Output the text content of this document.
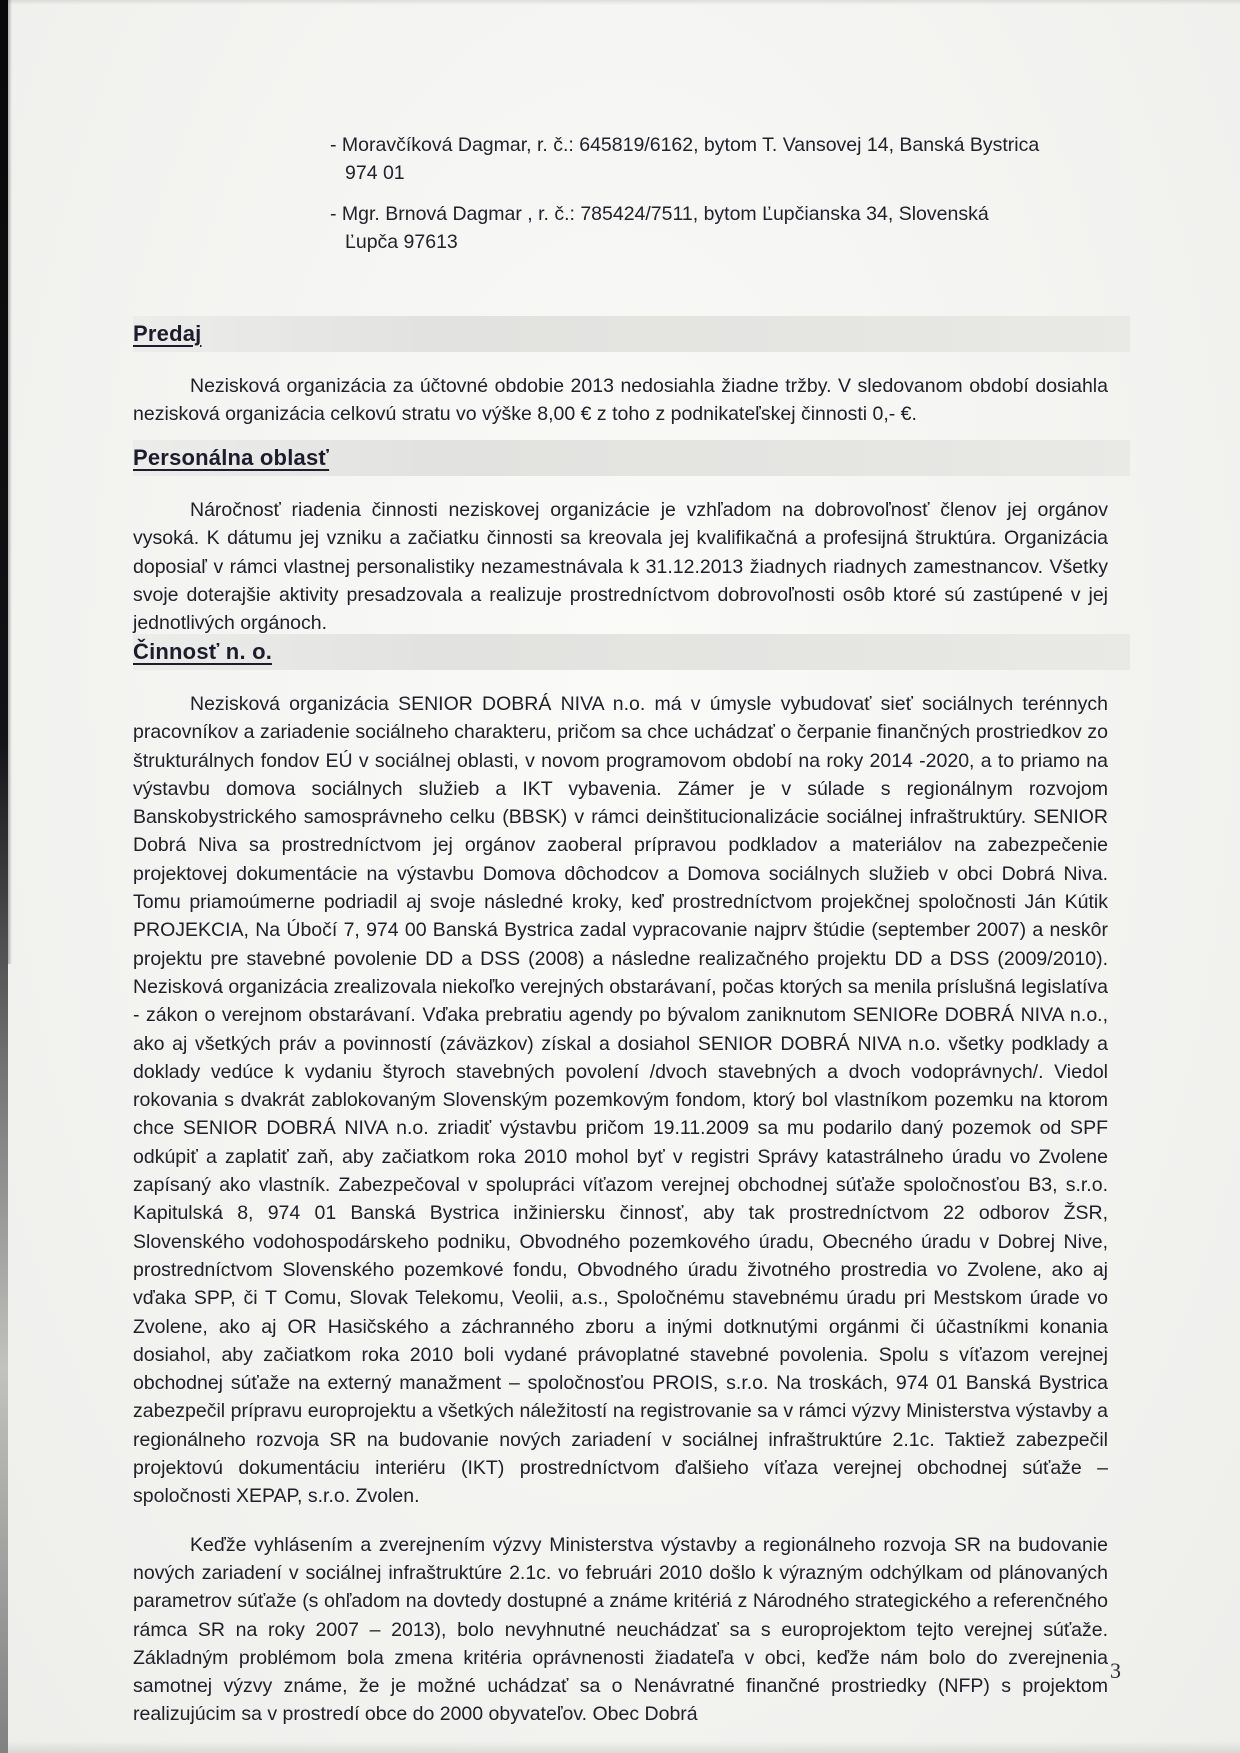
- Moravčíková Dagmar, r. č.: 645819/6162, bytom T. Vansovej 14, Banská Bystrica 974 01

- Mgr. Brnová Dagmar , r. č.: 785424/7511, bytom Ľupčianska 34, Slovenská Ľupča 97613

Predaj

Nezisková organizácia za účtovné obdobie 2013 nedosiahla žiadne tržby. V sledovanom období dosiahla nezisková organizácia celkovú stratu vo výške 8,00 € z toho z podnikateľskej činnosti 0,- €.

Personálna oblasť

Náročnosť riadenia činnosti neziskovej organizácie je vzhľadom na dobrovoľnosť členov jej orgánov vysoká. K dátumu jej vzniku a začiatku činnosti sa kreovala jej kvalifikačná a profesijná štruktúra. Organizácia doposiaľ v rámci vlastnej personalistiky nezamestnávala k 31.12.2013 žiadnych riadnych zamestnancov. Všetky svoje doterajšie aktivity presadzovala a realizuje prostredníctvom dobrovoľnosti osôb ktoré sú zastúpené v jej jednotlivých orgánoch.

Činnosť n. o.

Nezisková organizácia SENIOR DOBRÁ NIVA n.o. má v úmysle vybudovať sieť sociálnych terénnych pracovníkov a zariadenie sociálneho charakteru, pričom sa chce uchádzať o čerpanie finančných prostriedkov zo štrukturálnych fondov EÚ v sociálnej oblasti, v novom programovom období na roky 2014 -2020, a to priamo na výstavbu domova sociálnych služieb a IKT vybavenia. Zámer je v súlade s regionálnym rozvojom Banskobystrického samosprávneho celku (BBSK) v rámci deinštitucionalizácie sociálnej infraštruktúry. SENIOR Dobrá Niva sa prostredníctvom jej orgánov zaoberal prípravou podkladov a materiálov na zabezpečenie projektovej dokumentácie na výstavbu Domova dôchodcov a Domova sociálnych služieb v obci Dobrá Niva. Tomu priamoúmerne podriadil aj svoje následné kroky, keď prostredníctvom projekčnej spoločnosti Ján Kútik PROJEKCIA, Na Úbočí 7, 974 00 Banská Bystrica zadal vypracovanie najprv štúdie (september 2007) a neskôr projektu pre stavebné povolenie DD a DSS (2008) a následne realizačného projektu DD a DSS (2009/2010). Nezisková organizácia zrealizovala niekoľko verejných obstarávaní, počas ktorých sa menila príslušná legislatíva - zákon o verejnom obstarávaní. Vďaka prebratiu agendy po bývalom zaniknutom SENIORe DOBRÁ NIVA n.o., ako aj všetkých práv a povinností (záväzkov) získal a dosiahol SENIOR DOBRÁ NIVA n.o. všetky podklady a doklady vedúce k vydaniu štyroch stavebných povolení /dvoch stavebných a dvoch vodoprávnych/. Viedol rokovania s dvakrát zablokovaným Slovenským pozemkovým fondom, ktorý bol vlastníkom pozemku na ktorom chce SENIOR DOBRÁ NIVA n.o. zriadiť výstavbu pričom 19.11.2009 sa mu podarilo daný pozemok od SPF odkúpiť a zaplatiť zaň, aby začiatkom roka 2010 mohol byť v registri Správy katastrálneho úradu vo Zvolene zapísaný ako vlastník. Zabezpečoval v spolupráci víťazom verejnej obchodnej súťaže spoločnosťou B3, s.r.o. Kapitulská 8, 974 01 Banská Bystrica inžiniersku činnosť, aby tak prostredníctvom 22 odborov ŽSR, Slovenského vodohospodárskeho podniku, Obvodného pozemkového úradu, Obecného úradu v Dobrej Nive, prostredníctvom Slovenského pozemkové fondu, Obvodného úradu životného prostredia vo Zvolene, ako aj vďaka SPP, či T Comu, Slovak Telekomu, Veolii, a.s., Spoločnému stavebnému úradu pri Mestskom úrade vo Zvolene, ako aj OR Hasičského a záchranného zboru a inými dotknutými orgánmi či účastníkmi konania dosiahol, aby začiatkom roka 2010 boli vydané právoplatné stavebné povolenia. Spolu s víťazom verejnej obchodnej súťaže na externý manažment – spoločnosťou PROIS, s.r.o. Na troskách, 974 01 Banská Bystrica zabezpečil prípravu europrojektu a všetkých náležitostí na registrovanie sa v rámci výzvy Ministerstva výstavby a regionálneho rozvoja SR na budovanie nových zariadení v sociálnej infraštruktúre 2.1c. Taktiež zabezpečil projektovú dokumentáciu interiéru (IKT) prostredníctvom ďalšieho víťaza verejnej obchodnej súťaže – spoločnosti XEPAP, s.r.o. Zvolen.

Keďže vyhlásením a zverejnením výzvy Ministerstva výstavby a regionálneho rozvoja SR na budovanie nových zariadení v sociálnej infraštruktúre 2.1c. vo februári 2010 došlo k výrazným odchýlkam od plánovaných parametrov súťaže (s ohľadom na dovtedy dostupné a známe kritériá z Národného strategického a referenčného rámca SR na roky 2007 – 2013), bolo nevyhnutné neuchádzať sa s europrojektom tejto verejnej súťaže. Základným problémom bola zmena kritéria oprávnenosti žiadateľa v obci, keďže nám bolo do zverejnenia samotnej výzvy známe, že je možné uchádzať sa o Nenávratné finančné prostriedky (NFP) s projektom realizujúcim sa v prostredí obce do 2000 obyvateľov. Obec Dobrá

3
